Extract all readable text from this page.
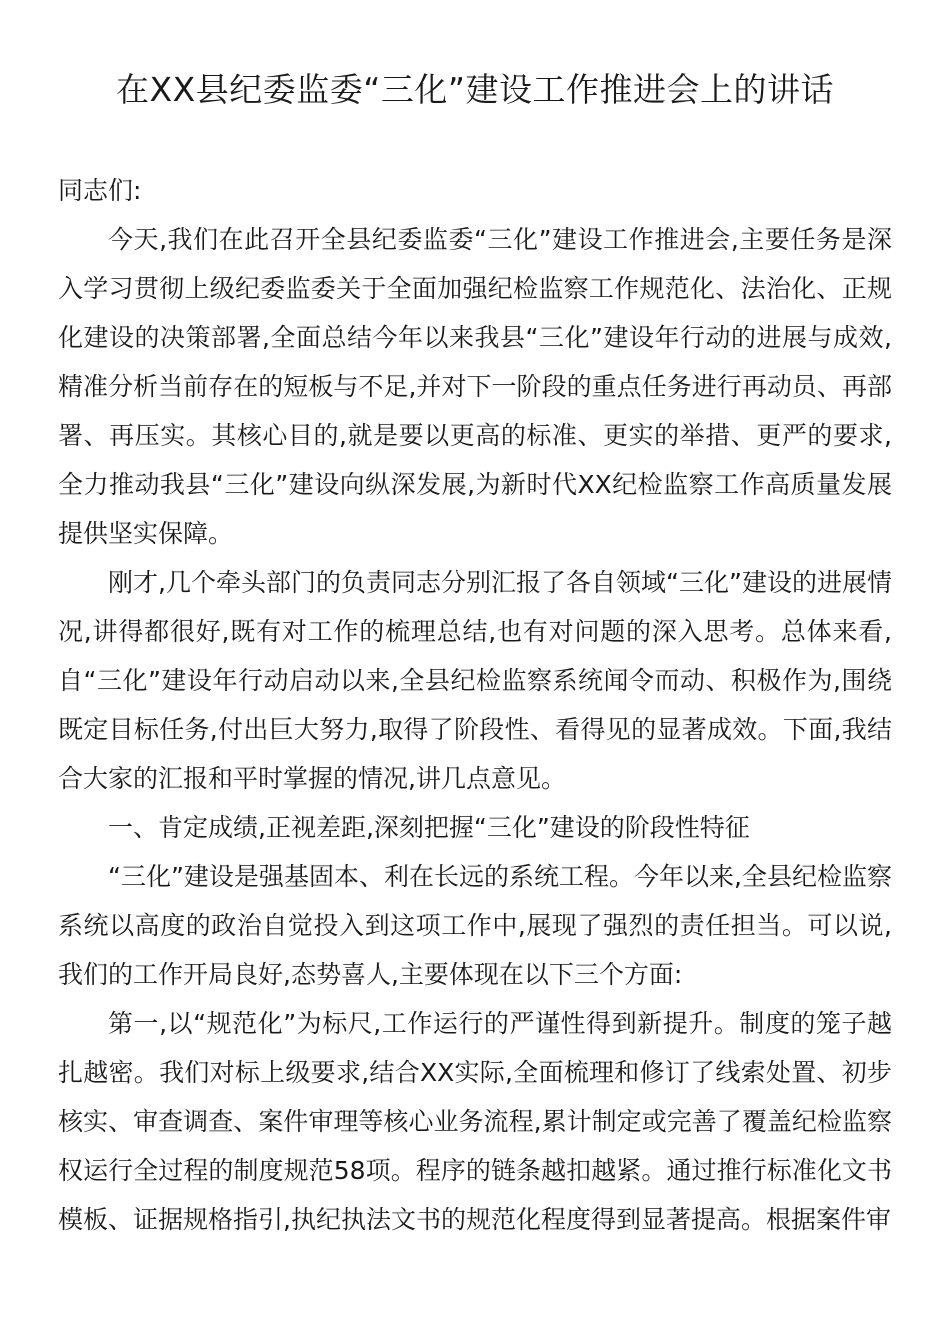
在XX县纪委监委“三化”建设工作推进会上的讲话

同志们:

今天,我们在此召开全县纪委监委“三化”建设工作推进会,主要任务是深入学习贯彻上级纪委监委关于全面加强纪检监察工作规范化、法治化、正规化建设的决策部署,全面总结今年以来我县“三化”建设年行动的进展与成效,精准分析当前存在的短板与不足,并对下一阶段的重点任务进行再动员、再部署、再压实。其核心目的,就是要以更高的标准、更实的举措、更严的要求,全力推动我县“三化”建设向纵深发展,为新时代XX纪检监察工作高质量发展提供坚实保障。

刚才,几个牵头部门的负责同志分别汇报了各自领域“三化”建设的进展情况,讲得都很好,既有对工作的梳理总结,也有对问题的深入思考。总体来看,自“三化”建设年行动启动以来,全县纪检监察系统闻令而动、积极作为,围绕既定目标任务,付出巨大努力,取得了阶段性、看得见的显著成效。下面,我结合大家的汇报和平时掌握的情况,讲几点意见。

一、肯定成绩,正视差距,深刻把握“三化”建设的阶段性特征

“三化”建设是强基固本、利在长远的系统工程。今年以来,全县纪检监察系统以高度的政治自觉投入到这项工作中,展现了强烈的责任担当。可以说,我们的工作开局良好,态势喜人,主要体现在以下三个方面:

第一,以“规范化”为标尺,工作运行的严谨性得到新提升。制度的笼子越扎越密。我们对标上级要求,结合XX实际,全面梳理和修订了线索处置、初步核实、审查调查、案件审理等核心业务流程,累计制定或完善了覆盖纪检监察权运行全过程的制度规范58项。程序的链条越扣越紧。通过推行标准化文书模板、证据规格指引,执纪执法文书的规范化程度得到显著提高。根据案件审
